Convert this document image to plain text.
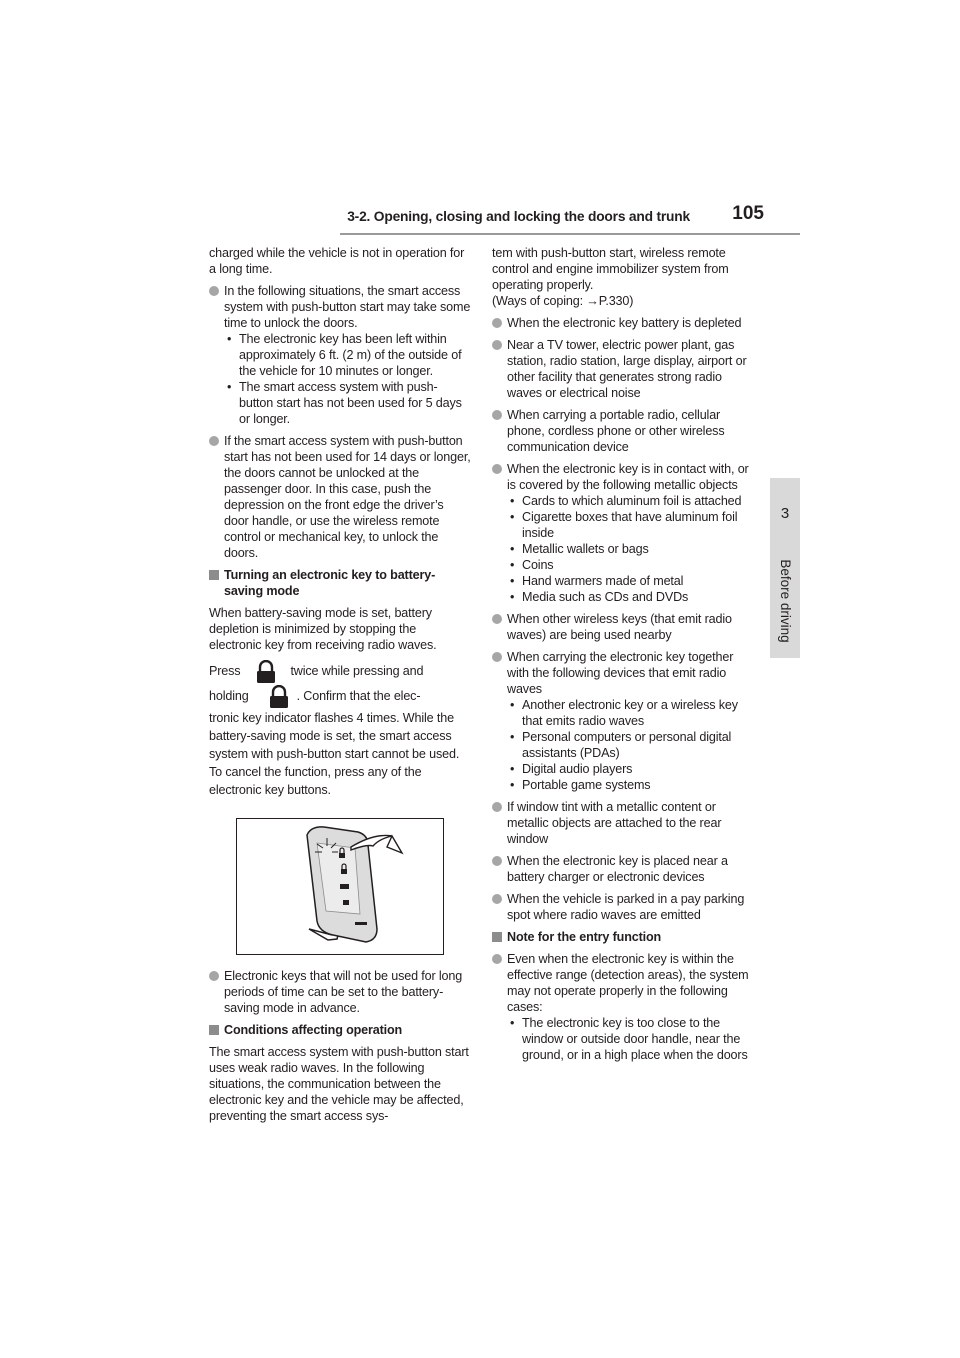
3-2. Opening, closing and locking the doors and trunk	105
3
Before driving

charged while the vehicle is not in operation for a long time.

In the following situations, the smart access system with push-button start may take some time to unlock the doors.

• The electronic key has been left within approximately 6 ft. (2 m) of the outside of the vehicle for 10 minutes or longer.
• The smart access system with push-button start has not been used for 5 days or longer.

If the smart access system with push-button start has not been used for 14 days or longer, the doors cannot be unlocked at the passenger door. In this case, push the depression on the front edge the driver’s door handle, or use the wireless remote control or mechanical key, to unlock the doors.

Turning an electronic key to battery-saving mode

When battery-saving mode is set, battery depletion is minimized by stopping the electronic key from receiving radio waves.

Press	twice while pressing and

holding	. Confirm that the elec-

tronic key indicator flashes 4 times. While the battery-saving mode is set, the smart access system with push-button start cannot be used. To cancel the function, press any of the electronic key buttons.

Electronic keys that will not be used for long periods of time can be set to the battery-saving mode in advance.

Conditions affecting operation

The smart access system with push-button start uses weak radio waves. In the following situations, the communication between the electronic key and the vehicle may be affected, preventing the smart access sys-

tem with push-button start, wireless remote control and engine immobilizer system from operating properly.

(Ways of coping: →P.330)

When the electronic key battery is depleted

Near a TV tower, electric power plant, gas station, radio station, large display, airport or other facility that generates strong radio waves or electrical noise

When carrying a portable radio, cellular phone, cordless phone or other wireless communication device

When the electronic key is in contact with, or is covered by the following metallic objects

• Cards to which aluminum foil is attached
• Cigarette boxes that have aluminum foil inside
• Metallic wallets or bags
• Coins
• Hand warmers made of metal
• Media such as CDs and DVDs

When other wireless keys (that emit radio waves) are being used nearby

When carrying the electronic key together with the following devices that emit radio waves

• Another electronic key or a wireless key that emits radio waves
• Personal computers or personal digital assistants (PDAs)
• Digital audio players
• Portable game systems

If window tint with a metallic content or metallic objects are attached to the rear window

When the electronic key is placed near a battery charger or electronic devices

When the vehicle is parked in a pay parking spot where radio waves are emitted

Note for the entry function

Even when the electronic key is within the effective range (detection areas), the system may not operate properly in the following cases:

• The electronic key is too close to the window or outside door handle, near the ground, or in a high place when the doors
